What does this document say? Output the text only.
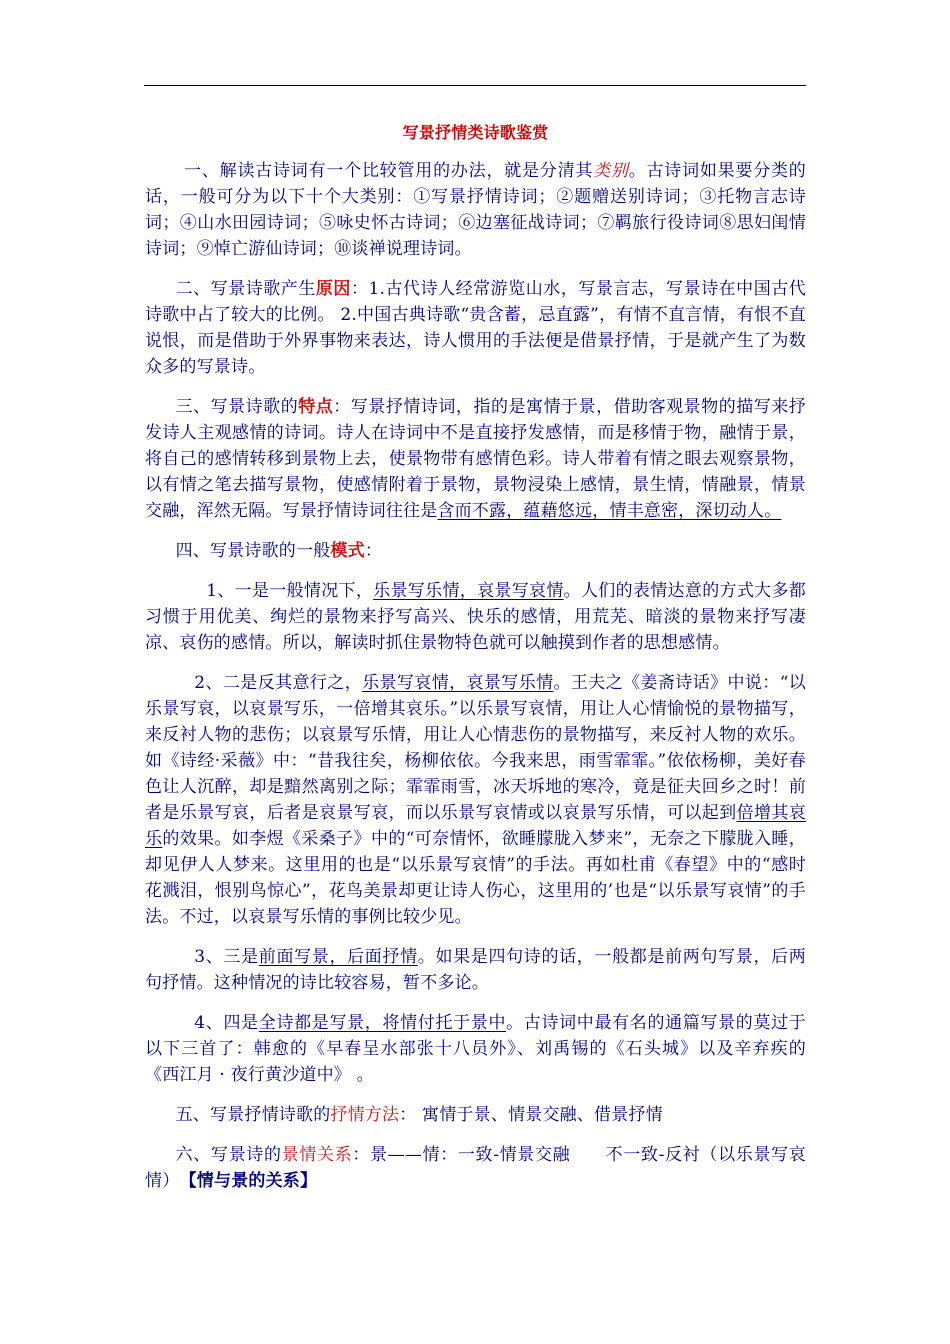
写景抒情类诗歌鉴赏

一、解读古诗词有一个比较管用的办法，就是分清其类别。古诗词如果要分类的话，一般可分为以下十个大类别：①写景抒情诗词；②题赠送别诗词；③托物言志诗词；④山水田园诗词；⑤咏史怀古诗词；⑥边塞征战诗词；⑦羁旅行役诗词⑧思妇闺情诗词；⑨悼亡游仙诗词；⑩谈禅说理诗词。

二、写景诗歌产生原因：1.古代诗人经常游览山水，写景言志，写景诗在中国古代诗歌中占了较大的比例。 2.中国古典诗歌“贵含蓄，忌直露”，有情不直言情，有恨不直说恨，而是借助于外界事物来表达，诗人惯用的手法便是借景抒情，于是就产生了为数众多的写景诗。

三、写景诗歌的特点：写景抒情诗词，指的是寓情于景，借助客观景物的描写来抒发诗人主观感情的诗词。诗人在诗词中不是直接抒发感情，而是移情于物，融情于景，将自己的感情转移到景物上去，使景物带有感情色彩。诗人带着有情之眼去观察景物，以有情之笔去描写景物，使感情附着于景物，景物浸染上感情，景生情，情融景，情景交融，浑然无隔。写景抒情诗词往往是含而不露，蕴藉悠远，情丰意密，深切动人。

四、写景诗歌的一般模式：

1、一是一般情况下，乐景写乐情，哀景写哀情。人们的表情达意的方式大多都习惯于用优美、绚烂的景物来抒写高兴、快乐的感情，用荒芜、暗淡的景物来抒写凄凉、哀伤的感情。所以，解读时抓住景物特色就可以触摸到作者的思想感情。

2、二是反其意行之，乐景写哀情，哀景写乐情。王夫之《姜斋诗话》中说：“以乐景写哀，以哀景写乐，一倍增其哀乐。”以乐景写哀情，用让人心情愉悦的景物描写，来反衬人物的悲伤；以哀景写乐情，用让人心情悲伤的景物描写，来反衬人物的欢乐。如《诗经·采薇》中：“昔我往矣，杨柳依依。今我来思，雨雪霏霏。”依依杨柳，美好春色让人沉醉，却是黯然离别之际；霏霏雨雪，冰天坼地的寒冷，竟是征夫回乡之时！前者是乐景写哀，后者是哀景写哀，而以乐景写哀情或以哀景写乐情，可以起到倍增其哀乐的效果。如李煜《采桑子》中的“可奈情怀，欲睡朦胧入梦来”，无奈之下朦胧入睡，却见伊人人梦来。这里用的也是“以乐景写哀情”的手法。再如杜甫《春望》中的“感时花溅泪，恨别鸟惊心”，花鸟美景却更让诗人伤心，这里用的’也是“以乐景写哀情”的手法。不过，以哀景写乐情的事例比较少见。

3、三是前面写景，后面抒情。如果是四句诗的话，一般都是前两句写景，后两句抒情。这种情况的诗比较容易，暂不多论。

4、四是全诗都是写景，将情付托于景中。古诗词中最有名的通篇写景的莫过于以下三首了：韩愈的《早春呈水部张十八员外》、刘禹锡的《石头城》以及辛弃疾的《西江月 · 夜行黄沙道中》 。

五、写景抒情诗歌的抒情方法： 寓情于景、情景交融、借景抒情

六、写景诗的景情关系：景——情：一致-情景交融　　不一致-反衬（以乐景写哀情）　【情与景的关系】
